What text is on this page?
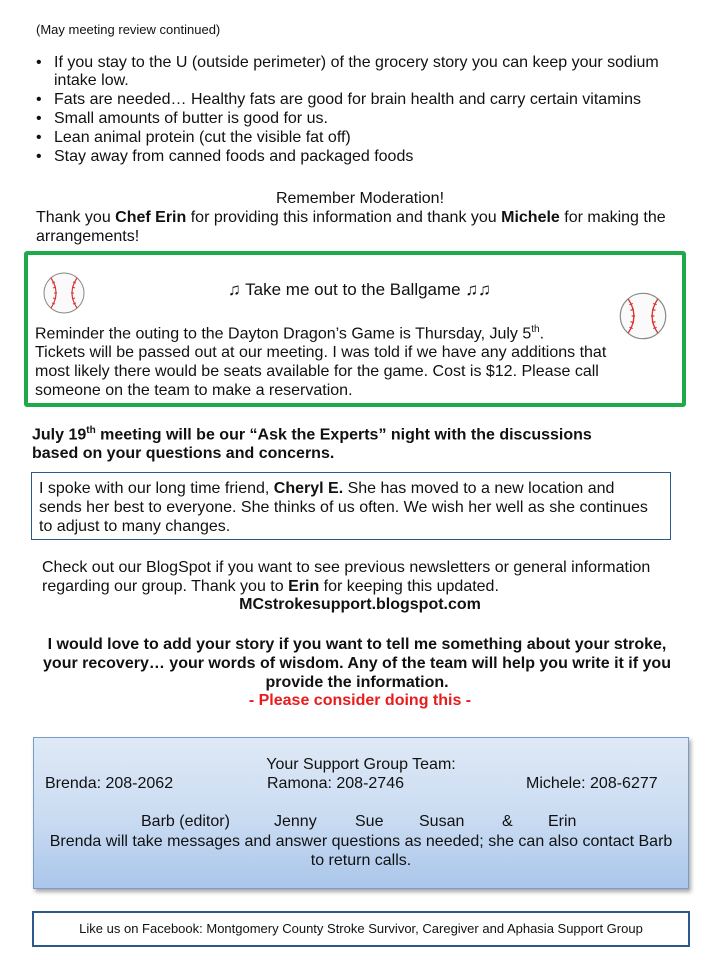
(May meeting review continued)
• If you stay to the U (outside perimeter) of the grocery story you can keep your sodium intake low.
• Fats are needed… Healthy fats are good for brain health and carry certain vitamins
• Small amounts of butter is good for us.
• Lean animal protein (cut the visible fat off)
• Stay away from canned foods and packaged foods
Remember Moderation!
Thank you Chef Erin for providing this information and thank you Michele for making the arrangements!
♫ Take me out to the Ballgame ♫♫
Reminder the outing to the Dayton Dragon’s Game is Thursday, July 5th.
Tickets will be passed out at our meeting. I was told if we have any additions that most likely there would be seats available for the game. Cost is $12. Please call someone on the team to make a reservation.
July 19th meeting will be our “Ask the Experts” night with the discussions based on your questions and concerns.
I spoke with our long time friend, Cheryl E. She has moved to a new location and sends her best to everyone. She thinks of us often. We wish her well as she continues to adjust to many changes.
Check out our BlogSpot if you want to see previous newsletters or general information regarding our group. Thank you to Erin for keeping this updated.
MCstrokesupport.blogspot.com
I would love to add your story if you want to tell me something about your stroke, your recovery… your words of wisdom. Any of the team will help you write it if you provide the information.
- Please consider doing this -
Your Support Group Team:
Brenda: 208-2062	Ramona: 208-2746	Michele: 208-6277
Barb (editor)	Jenny Sue Susan & Erin
Brenda will take messages and answer questions as needed; she can also contact Barb to return calls.
Like us on Facebook: Montgomery County Stroke Survivor, Caregiver and Aphasia Support Group
